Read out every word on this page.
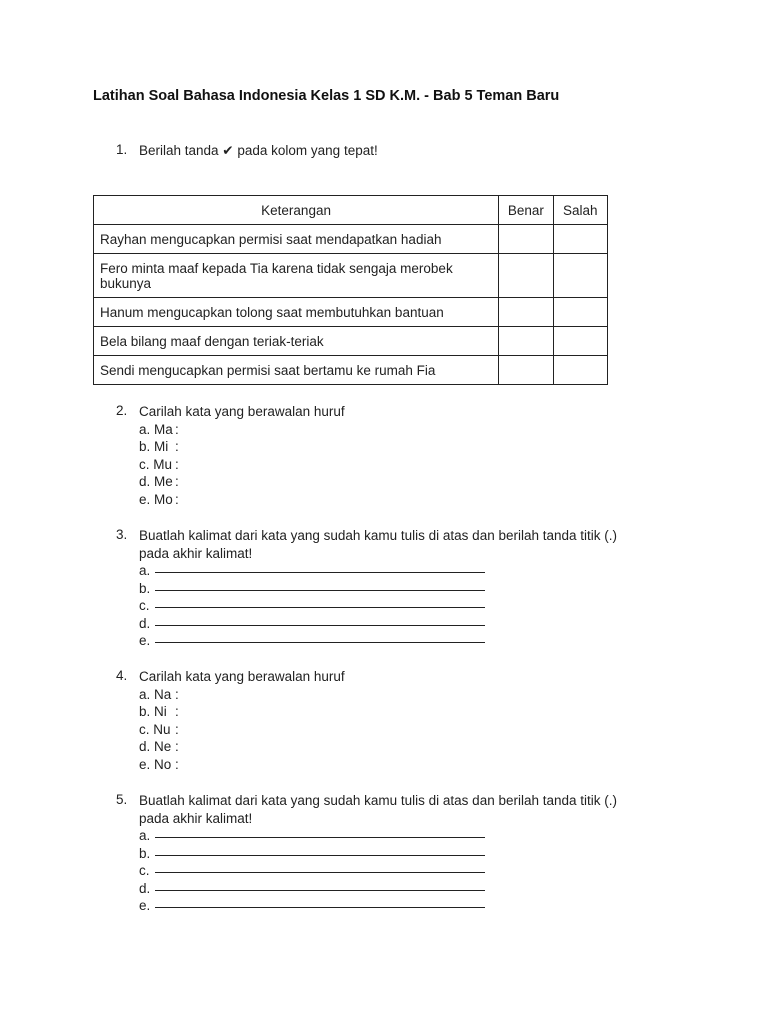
Latihan Soal Bahasa Indonesia Kelas 1 SD K.M. - Bab 5 Teman Baru
1. Berilah tanda ✔ pada kolom yang tepat!
Keterangan	Benar	Salah
Rayhan mengucapkan permisi saat mendapatkan hadiah		
Fero minta maaf kepada Tia karena tidak sengaja merobek bukunya		
Hanum mengucapkan tolong saat membutuhkan bantuan		
Bela bilang maaf dengan teriak-teriak		
Sendi mengucapkan permisi saat bertamu ke rumah Fia		
2. Carilah kata yang berawalan huruf
a. Ma :
b. Mi :
c. Mu :
d. Me :
e. Mo :
3. Buatlah kalimat dari kata yang sudah kamu tulis di atas dan berilah tanda titik (.)
pada akhir kalimat!
a.
b.
c.
d.
e.
4. Carilah kata yang berawalan huruf
a. Na :
b. Ni :
c. Nu :
d. Ne :
e. No :
5. Buatlah kalimat dari kata yang sudah kamu tulis di atas dan berilah tanda titik (.)
pada akhir kalimat!
a.
b.
c.
d.
e.
